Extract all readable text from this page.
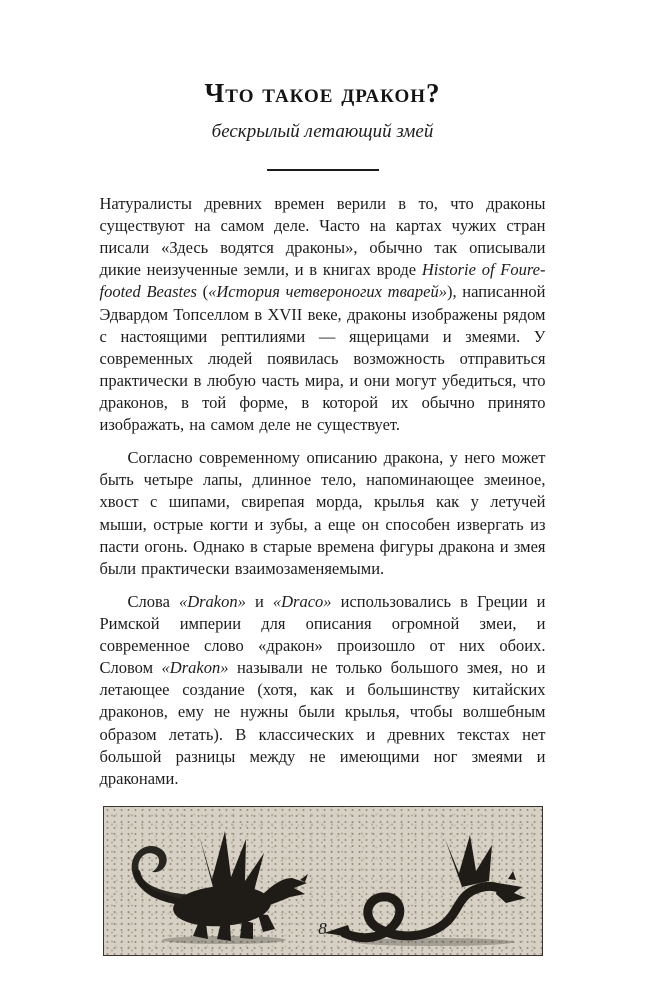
Что такое дракон?

бескрылый летающий змей

Натуралисты древних времен верили в то, что драконы существуют на самом деле. Часто на картах чужих стран писали «Здесь водятся драконы», обычно так описывали дикие неизученные земли, и в книгах вроде Historie of Foure-footed Beastes («История четвероногих тварей»), написанной Эдвардом Топселлом в XVII веке, драконы изображены рядом с настоящими рептилиями — ящерицами и змеями. У современных людей появилась возможность отправиться практически в любую часть мира, и они могут убедиться, что драконов, в той форме, в которой их обычно принято изображать, на самом деле не существует.

Согласно современному описанию дракона, у него может быть четыре лапы, длинное тело, напоминающее змеиное, хвост с шипами, свирепая морда, крылья как у летучей мыши, острые когти и зубы, а еще он способен извергать из пасти огонь. Однако в старые времена фигуры дракона и змея были практически взаимозаменяемыми.

Слова «Drakon» и «Draco» использовались в Греции и Римской империи для описания огромной змеи, и современное слово «дракон» произошло от них обоих. Словом «Drakon» называли не только большого змея, но и летающее создание (хотя, как и большинству китайских драконов, ему не нужны были крылья, чтобы волшебным образом летать). В классических и древних текстах нет большой разницы между не имеющими ног змеями и драконами.

8
